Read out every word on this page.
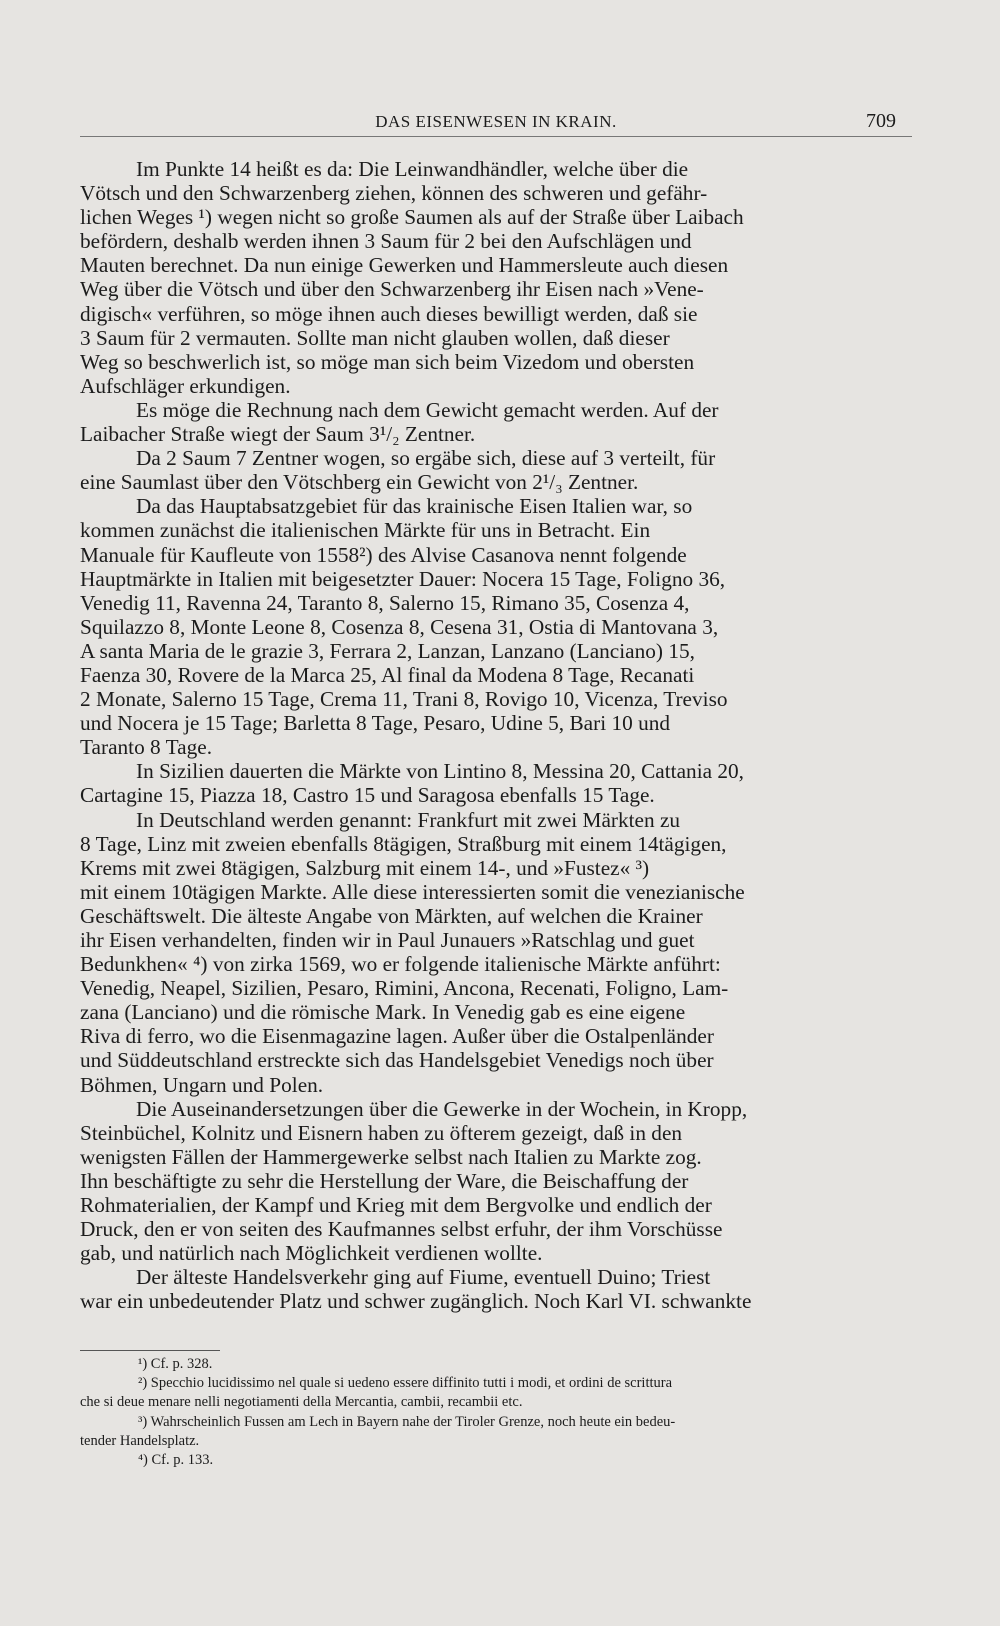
DAS EISENWESEN IN KRAIN.	709
Im Punkte 14 heißt es da: Die Leinwandhändler, welche über die
Vötsch und den Schwarzenberg ziehen, können des schweren und gefähr-
lichen Weges ¹) wegen nicht so große Saumen als auf der Straße über Laibach
befördern, deshalb werden ihnen 3 Saum für 2 bei den Aufschlägen und
Mauten berechnet. Da nun einige Gewerken und Hammersleute auch diesen
Weg über die Vötsch und über den Schwarzenberg ihr Eisen nach »Vene-
digisch« verführen, so möge ihnen auch dieses bewilligt werden, daß sie
3 Saum für 2 vermauten. Sollte man nicht glauben wollen, daß dieser
Weg so beschwerlich ist, so möge man sich beim Vizedom und obersten
Aufschläger erkundigen.
Es möge die Rechnung nach dem Gewicht gemacht werden. Auf der
Laibacher Straße wiegt der Saum 3¹/₂ Zentner.
Da 2 Saum 7 Zentner wogen, so ergäbe sich, diese auf 3 verteilt, für
eine Saumlast über den Vötschberg ein Gewicht von 2¹/₃ Zentner.
Da das Hauptabsatzgebiet für das krainische Eisen Italien war, so
kommen zunächst die italienischen Märkte für uns in Betracht. Ein
Manuale für Kaufleute von 1558²) des Alvise Casanova nennt folgende
Hauptmärkte in Italien mit beigesetzter Dauer: Nocera 15 Tage, Foligno 36,
Venedig 11, Ravenna 24, Taranto 8, Salerno 15, Rimano 35, Cosenza 4,
Squilazzo 8, Monte Leone 8, Cosenza 8, Cesena 31, Ostia di Mantovana 3,
A santa Maria de le grazie 3, Ferrara 2, Lanzan, Lanzano (Lanciano) 15,
Faenza 30, Rovere de la Marca 25, Al final da Modena 8 Tage, Recanati
2 Monate, Salerno 15 Tage, Crema 11, Trani 8, Rovigo 10, Vicenza, Treviso
und Nocera je 15 Tage; Barletta 8 Tage, Pesaro, Udine 5, Bari 10 und
Taranto 8 Tage.
In Sizilien dauerten die Märkte von Lintino 8, Messina 20, Cattania 20,
Cartagine 15, Piazza 18, Castro 15 und Saragosa ebenfalls 15 Tage.
In Deutschland werden genannt: Frankfurt mit zwei Märkten zu
8 Tage, Linz mit zweien ebenfalls 8tägigen, Straßburg mit einem 14tägigen,
Krems mit zwei 8tägigen, Salzburg mit einem 14-, und »Fustez« ³)
mit einem 10tägigen Markte. Alle diese interessierten somit die venezianische
Geschäftswelt. Die älteste Angabe von Märkten, auf welchen die Krainer
ihr Eisen verhandelten, finden wir in Paul Junauers »Ratschlag und guet
Bedunkhen« ⁴) von zirka 1569, wo er folgende italienische Märkte anführt:
Venedig, Neapel, Sizilien, Pesaro, Rimini, Ancona, Recenati, Foligno, Lam-
zana (Lanciano) und die römische Mark. In Venedig gab es eine eigene
Riva di ferro, wo die Eisenmagazine lagen. Außer über die Ostalpenländer
und Süddeutschland erstreckte sich das Handelsgebiet Venedigs noch über
Böhmen, Ungarn und Polen.
Die Auseinandersetzungen über die Gewerke in der Wochein, in Kropp,
Steinbüchel, Kolnitz und Eisnern haben zu öfterem gezeigt, daß in den
wenigsten Fällen der Hammergewerke selbst nach Italien zu Markte zog.
Ihn beschäftigte zu sehr die Herstellung der Ware, die Beischaffung der
Rohmaterialien, der Kampf und Krieg mit dem Bergvolke und endlich der
Druck, den er von seiten des Kaufmannes selbst erfuhr, der ihm Vorschüsse
gab, und natürlich nach Möglichkeit verdienen wollte.
Der älteste Handelsverkehr ging auf Fiume, eventuell Duino; Triest
war ein unbedeutender Platz und schwer zugänglich. Noch Karl VI. schwankte
¹) Cf. p. 328.
²) Specchio lucidissimo nel quale si uedeno essere diffinito tutti i modi, et ordini de scrittura
che si deue menare nelli negotiamenti della Mercantia, cambii, recambii etc.
³) Wahrscheinlich Fussen am Lech in Bayern nahe der Tiroler Grenze, noch heute ein bedeu-
tender Handelsplatz.
⁴) Cf. p. 133.
